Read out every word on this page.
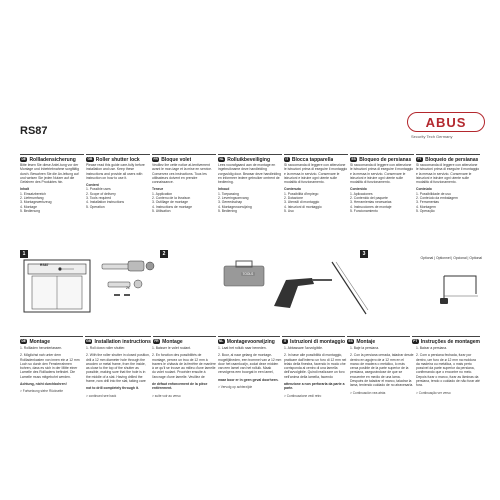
RS87
ABUS
Security Tech Germany
DE Rollladensicherung	GB Roller shutter lock	FR Bloque volet	NL Rolluikbeveiliging	IT Blocca tapparella	ES Bloqueo de persianas	PT Bloqueio de persianas

Bitte lesen Sie diese Anlei-tung vor der Montage und Inbetriebnahme sorgfältig durch. Bewahren Sie die An-leitung auf und weisen Sie jeden Nutzer auf die Gefahren des Produktes hin.

Inhalt
1. Einsatzbereich
2. Lieferumfang
3. Montagewerkzeug
4. Montage
5. Bedienung

Please read this guide care-fully before installation and use. Keep these instructions and provide all users with instruction on how to use it.

Content
1. Possible uses
2. Scope of delivery
3. Tools required
4. Installation instructions
5. Operation

Veuillez lire cette notice at-tentivement avant le mon-tage et la mise en service. Conservez ces instructions. Tous les utilisateurs doivent en prendre connaissance.

Teneur
1. Application
2. Contenu de la livraison
3. Outillage de montage
4. Instructions de montage
5. Utilisation

Lees voorafgaand aan de montage en ingebruikname deze handleiding zorgvuldig door. Bewaar deze handleiding en informeer iedere gebruiker omtrent de bediening.

Inhoud
1. Toepassing
2. Leveringsomvang
3. Gereedschap
4. Montagevoorwijzing
5. Bediening

Si raccomanda di leggere con attenzione le istruzioni prima di eseguire il montaggio e la messa in servizio. Conservare le istruzioni e istruire ogni utente sulle modalità di funzionamento.

Contenuto
1. Possibilità d'impiego
2. Dotazione
3. Utensili di montaggio
4. Istruzioni di montaggio
5. Uso

Si raccomanda di leggere con attenzione le istruzioni prima di eseguire il montaggio e la messa in servizio. Conservare le istruzioni e istruire ogni utente sulle modalità di funzionamento.

Contenido
1. Aplicaciones
2. Contenido del paquete
3. Herramientas necesarias
4. Instrucciones de montaje
5. Funcionamiento

Si raccomanda di leggere con attenzione le istruzioni prima di eseguire il montaggio e la messa in servizio. Conservare le istruzioni e istruire ogni utente sulle modalità di funzionamento.

Conteúdo
1. Possibilidade de uso
2. Conteúdo da embalagem
3. Ferramentas
4. Montagem
5. Operação
1	2	3
RS87
2x
TOOLS
Optional | Optionnel | Opcional | Optional
DE Montage	GB Installation instructions	FR Montage	NL Montagevoorwijzing	IT Istruzioni di montaggio	ES Montaje	PT Instruções de montagem

1. Rollladen herunterlassen.

2. Möglichst nah unter dem Rollladenkasten von innen ein ø 12 mm Loch so durch den Fensterrahmen bohren, dass es sich in der Mitte einer Lamelle des Rollladens befindet. Die Lamelle muss mitgebohrt werden.

Achtung, nicht durchbohren!

> Fortsetzung siehe Rückseite

1. Roll down roller shutter.

2. With the roller shutter in closed position, drill a 12 mm diameter hole through the wooden or metal frame, from the inside, as close to the top of the shutter as possible, making sure that the hole is in the middle of a slat. Having drilled the frame, now drill into the slat, taking care

not to drill completely through it.

> continued see back

1. Baisser le volet roulant.

2. En fonction des possibilités de montage, percez un trou de 12 mm à travers le châssis de la fenêtre de manière à ce qu'il se trouve au milieu d'une lamelle du volet roulant. Procéder ensuite à l'ancrage d'une lamelle. Veuillez de

de défaut enfoncement de la pièce entièrement.

> suite voir au verso

1. Laat het rolluik naar beneden.

2. Boor, al naar gelang de montage-mogelijkheden, een trommel van ø 12 mm door het raamkozijn, zodat deze midden van een lamel van het rolluik. Maak vervolgens een boorgat in een lamel,

maar boor er in geen geval doorheen.

> Vervolg op achterzijde

1. Abbassare l'avvolgibile.

2. In base alle possibilità di montaggio, praticare dall'interno un foro di 12 mm nel telaio della finestra, facendo in modo che corrisponda al centro di una lamella dell'avvolgibile. Quindi realizzare un foro nell'anima della lamella, facendo

attenzione a non perforarla da parte a parte.

> Continuazione vedi retro

1. Baje la persiana.

2. Con la persiana cerrada, taladrar desde dentro en agujero de ø 12 mm en el marco de madera o metálico, lo más cerca posible de la parte superior de la persiana, asegurándose de que se encuentre en medio de una lama. Después de taladrar el marco, taladrar la lama, teniendo cuidado de no atravesarla.

> Continuación vea atrás

1. Baixar a persiana.

2. Com a persiana fechada, furar por dentro, um furo de ø 12 mm na moldura da madeira ou metálica, o mais perto possível da parte superior da persiana, confirmando que o encontre no meio. Depois furar o marco, furar as lâminas da persiana, tendo o cuidado de não furar até fora.

> Continuação ver verso
